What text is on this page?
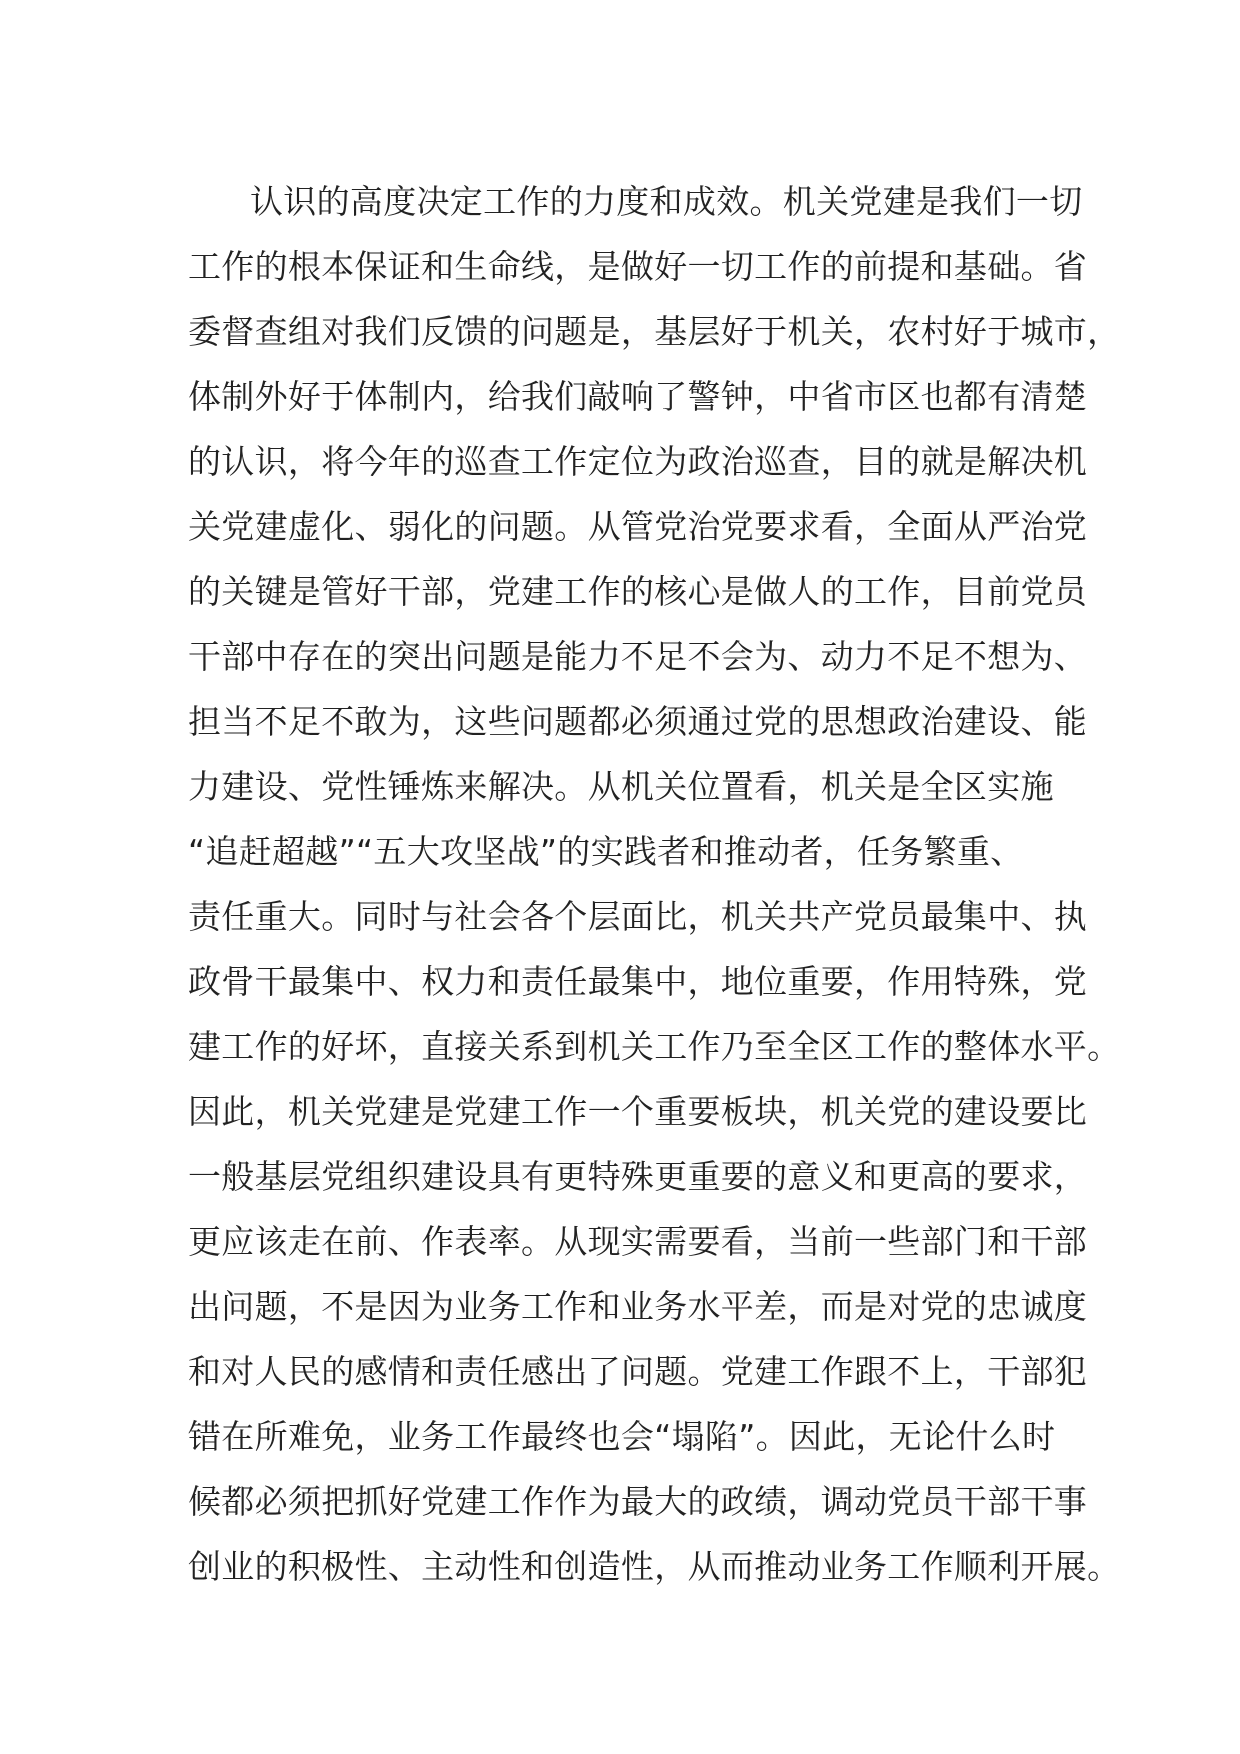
认识的高度决定工作的力度和成效。机关党建是我们一切
工作的根本保证和生命线，是做好一切工作的前提和基础。省
委督查组对我们反馈的问题是，基层好于机关，农村好于城市，
体制外好于体制内，给我们敲响了警钟，中省市区也都有清楚
的认识，将今年的巡查工作定位为政治巡查，目的就是解决机
关党建虚化、弱化的问题。从管党治党要求看，全面从严治党
的关键是管好干部，党建工作的核心是做人的工作，目前党员
干部中存在的突出问题是能力不足不会为、动力不足不想为、
担当不足不敢为，这些问题都必须通过党的思想政治建设、能
力建设、党性锤炼来解决。从机关位置看，机关是全区实施
“追赶超越”“五大攻坚战”的实践者和推动者，任务繁重、
责任重大。同时与社会各个层面比，机关共产党员最集中、执
政骨干最集中、权力和责任最集中，地位重要，作用特殊，党
建工作的好坏，直接关系到机关工作乃至全区工作的整体水平。
因此，机关党建是党建工作一个重要板块，机关党的建设要比
一般基层党组织建设具有更特殊更重要的意义和更高的要求，
更应该走在前、作表率。从现实需要看，当前一些部门和干部
出问题，不是因为业务工作和业务水平差，而是对党的忠诚度
和对人民的感情和责任感出了问题。党建工作跟不上，干部犯
错在所难免，业务工作最终也会“塌陷”。因此，无论什么时
候都必须把抓好党建工作作为最大的政绩，调动党员干部干事
创业的积极性、主动性和创造性，从而推动业务工作顺利开展。
